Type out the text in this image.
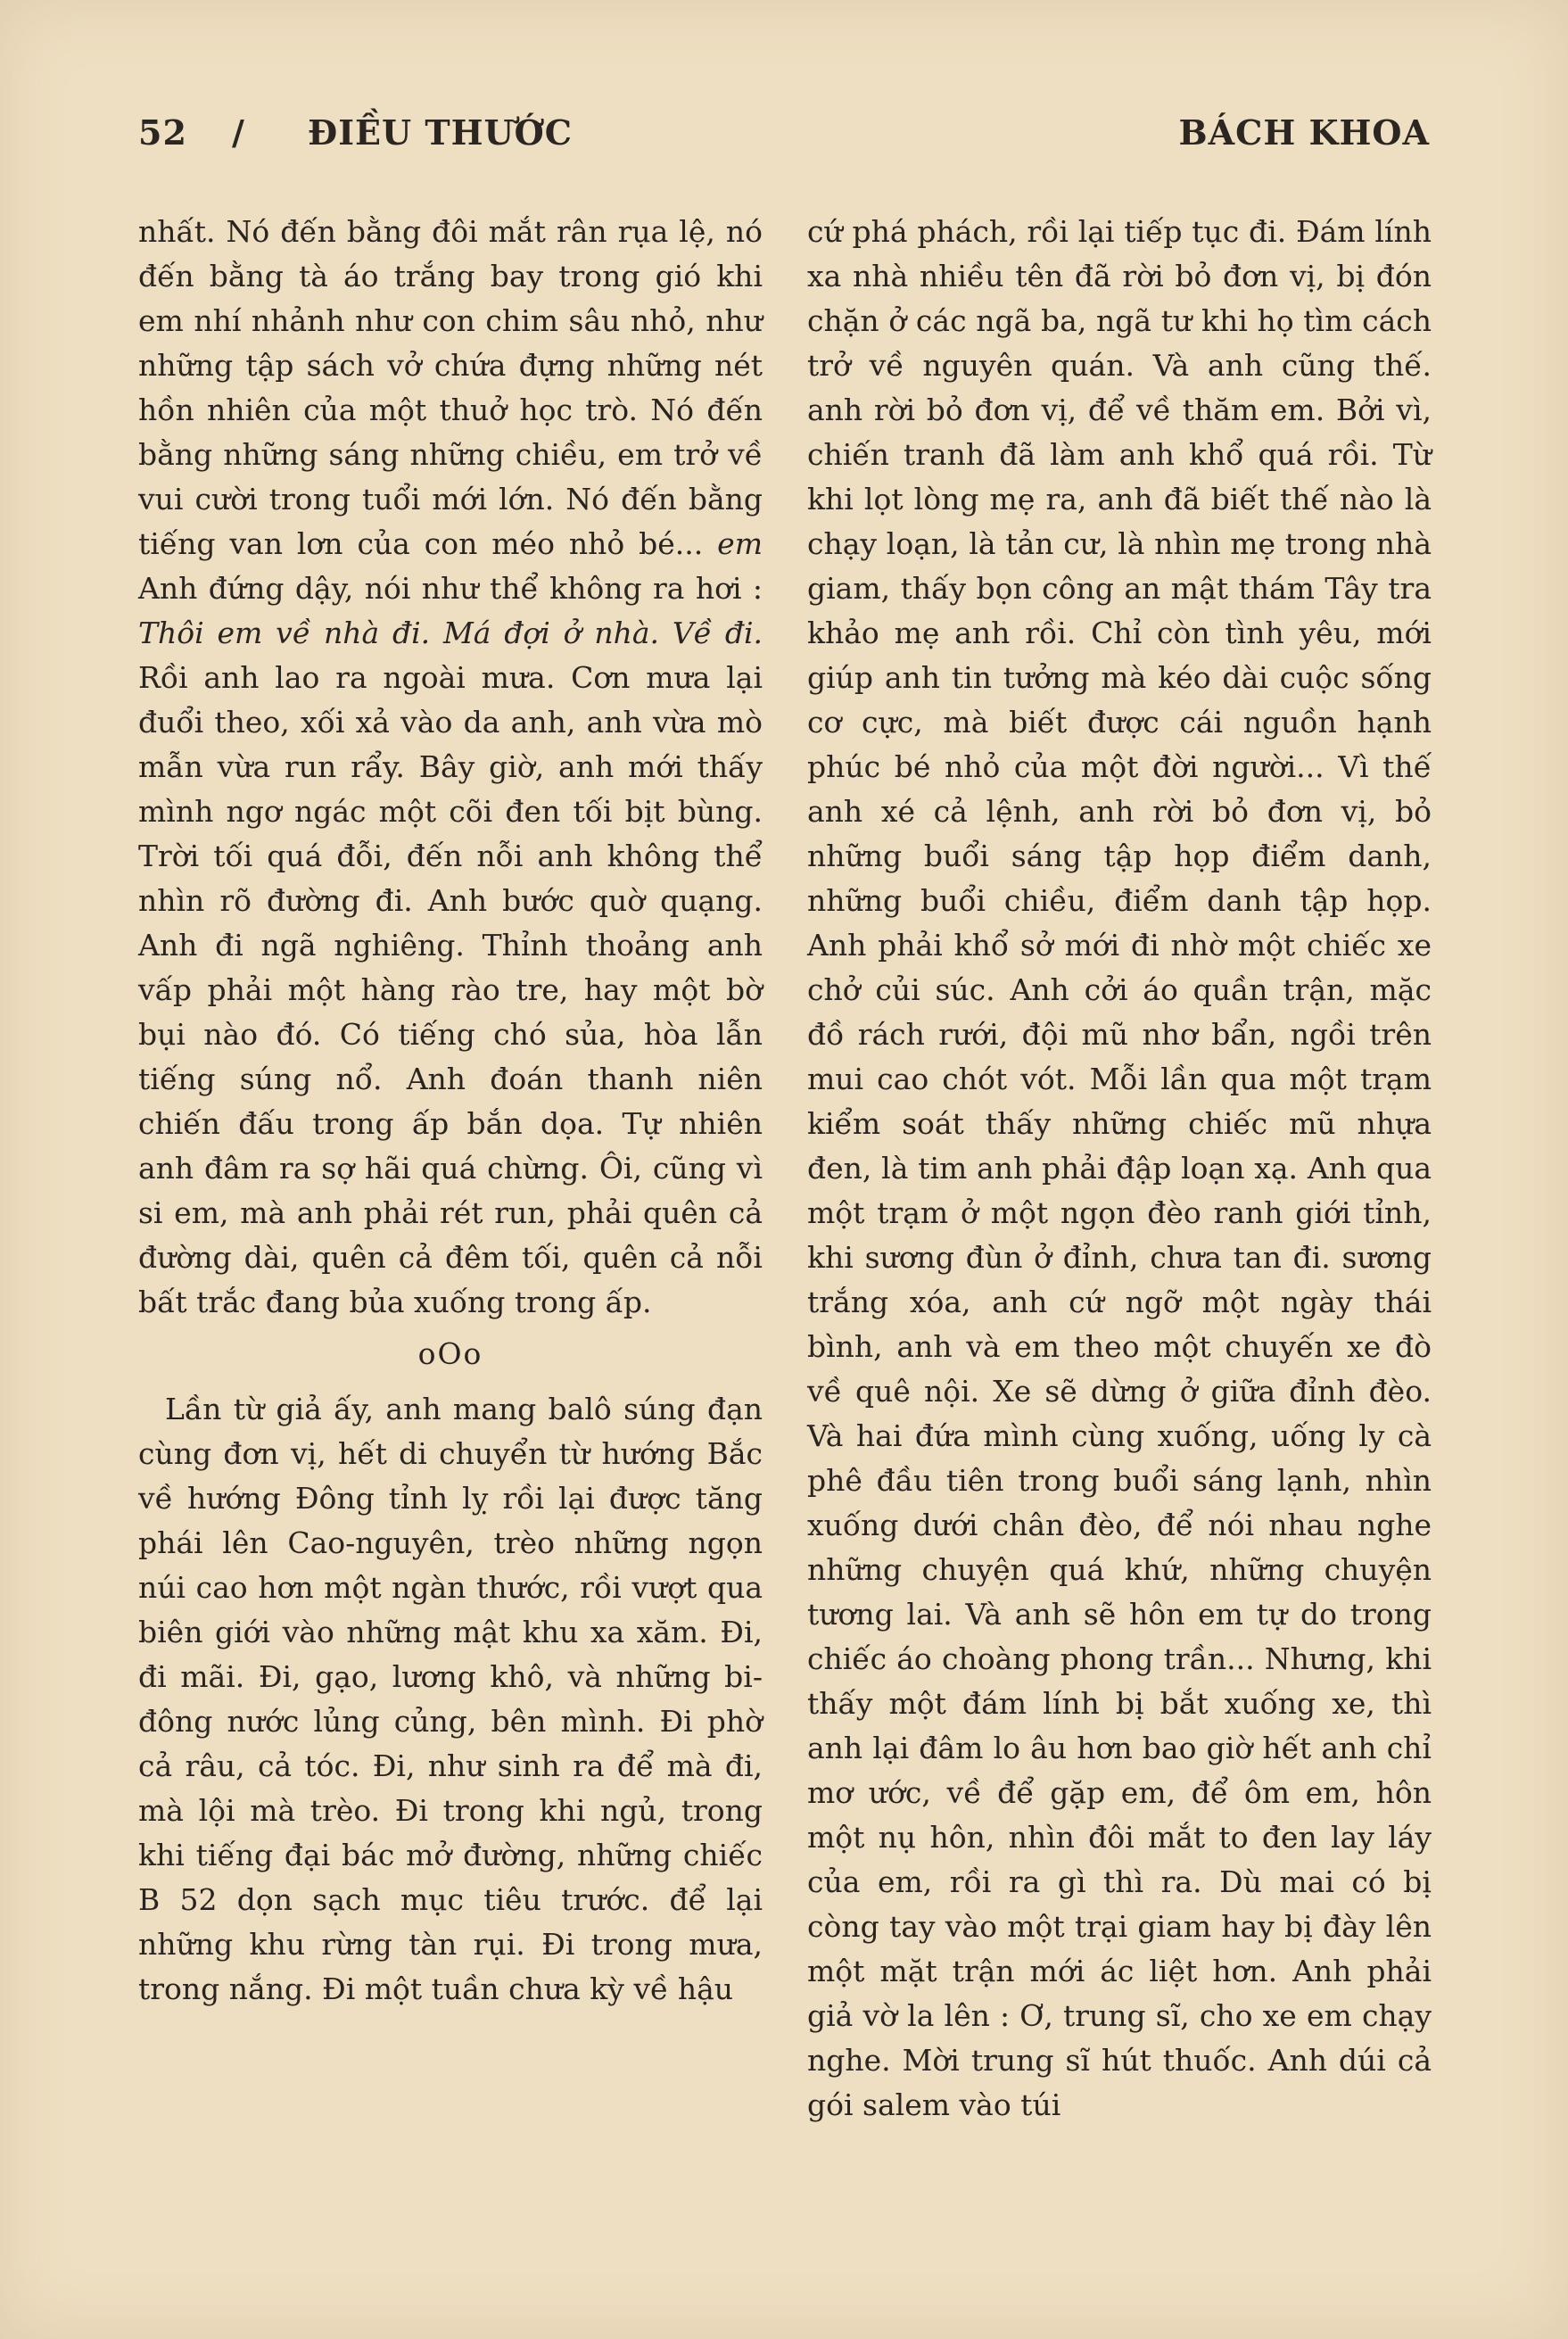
52 / ĐIỀU THƯỚC	BÁCH KHOA

nhất. Nó đến bằng đôi mắt rân rụa lệ, nó đến bằng tà áo trắng bay trong gió khi em nhí nhảnh như con chim sâu nhỏ, như những tập sách vở chứa đựng những nét hồn nhiên của một thuở học trò. Nó đến bằng những sáng những chiều, em trở về vui cười trong tuổi mới lớn. Nó đến bằng tiếng van lơn của con méo nhỏ bé... em Anh đứng dậy, nói như thể không ra hơi : Thôi em về nhà đi. Má đợi ở nhà. Về đi. Rồi anh lao ra ngoài mưa. Cơn mưa lại đuổi theo, xối xả vào da anh, anh vừa mò mẫn vừa run rẩy. Bây giờ, anh mới thấy mình ngơ ngác một cõi đen tối bịt bùng. Trời tối quá đỗi, đến nỗi anh không thể nhìn rõ đường đi. Anh bước quờ quạng. Anh đi ngã nghiêng. Thỉnh thoảng anh vấp phải một hàng rào tre, hay một bờ bụi nào đó. Có tiếng chó sủa, hòa lẫn tiếng súng nổ. Anh đoán thanh niên chiến đấu trong ấp bắn dọa. Tự nhiên anh đâm ra sợ hãi quá chừng. Ôi, cũng vì si em, mà anh phải rét run, phải quên cả đường dài, quên cả đêm tối, quên cả nỗi bất trắc đang bủa xuống trong ấp.

oOo

Lần từ giả ấy, anh mang balô súng đạn cùng đơn vị, hết di chuyển từ hướng Bắc về hướng Đông tỉnh lỵ rồi lại được tăng phái lên Cao-nguyên, trèo những ngọn núi cao hơn một ngàn thước, rồi vượt qua biên giới vào những mật khu xa xăm. Đi, đi mãi. Đi, gạo, lương khô, và những bi-đông nước lủng củng, bên mình. Đi phờ cả râu, cả tóc. Đi, như sinh ra để mà đi, mà lội mà trèo. Đi trong khi ngủ, trong khi tiếng đại bác mở đường, những chiếc B 52 dọn sạch mục tiêu trước. để lại những khu rừng tàn rụi. Đi trong mưa, trong nắng. Đi một tuần chưa kỳ về hậu

cứ phá phách, rồi lại tiếp tục đi. Đám lính xa nhà nhiều tên đã rời bỏ đơn vị, bị đón chặn ở các ngã ba, ngã tư khi họ tìm cách trở về nguyên quán. Và anh cũng thế. anh rời bỏ đơn vị, để về thăm em. Bởi vì, chiến tranh đã làm anh khổ quá rồi. Từ khi lọt lòng mẹ ra, anh đã biết thế nào là chạy loạn, là tản cư, là nhìn mẹ trong nhà giam, thấy bọn công an mật thám Tây tra khảo mẹ anh rồi. Chỉ còn tình yêu, mới giúp anh tin tưởng mà kéo dài cuộc sống cơ cực, mà biết được cái nguồn hạnh phúc bé nhỏ của một đời người... Vì thế anh xé cả lệnh, anh rời bỏ đơn vị, bỏ những buổi sáng tập họp điểm danh, những buổi chiều, điểm danh tập họp. Anh phải khổ sở mới đi nhờ một chiếc xe chở củi súc. Anh cởi áo quần trận, mặc đồ rách rưới, đội mũ nhơ bẩn, ngồi trên mui cao chót vót. Mỗi lần qua một trạm kiểm soát thấy những chiếc mũ nhựa đen, là tim anh phải đập loạn xạ. Anh qua một trạm ở một ngọn đèo ranh giới tỉnh, khi sương đùn ở đỉnh, chưa tan đi. sương trắng xóa, anh cứ ngỡ một ngày thái bình, anh và em theo một chuyến xe đò về quê nội. Xe sẽ dừng ở giữa đỉnh đèo. Và hai đứa mình cùng xuống, uống ly cà phê đầu tiên trong buổi sáng lạnh, nhìn xuống dưới chân đèo, để nói nhau nghe những chuyện quá khứ, những chuyện tương lai. Và anh sẽ hôn em tự do trong chiếc áo choàng phong trần... Nhưng, khi thấy một đám lính bị bắt xuống xe, thì anh lại đâm lo âu hơn bao giờ hết anh chỉ mơ ước, về để gặp em, để ôm em, hôn một nụ hôn, nhìn đôi mắt to đen lay láy của em, rồi ra gì thì ra. Dù mai có bị còng tay vào một trại giam hay bị đày lên một mặt trận mới ác liệt hơn. Anh phải giả vờ la lên : Ơ, trung sĩ, cho xe em chạy nghe. Mời trung sĩ hút thuốc. Anh dúi cả gói salem vào túi
